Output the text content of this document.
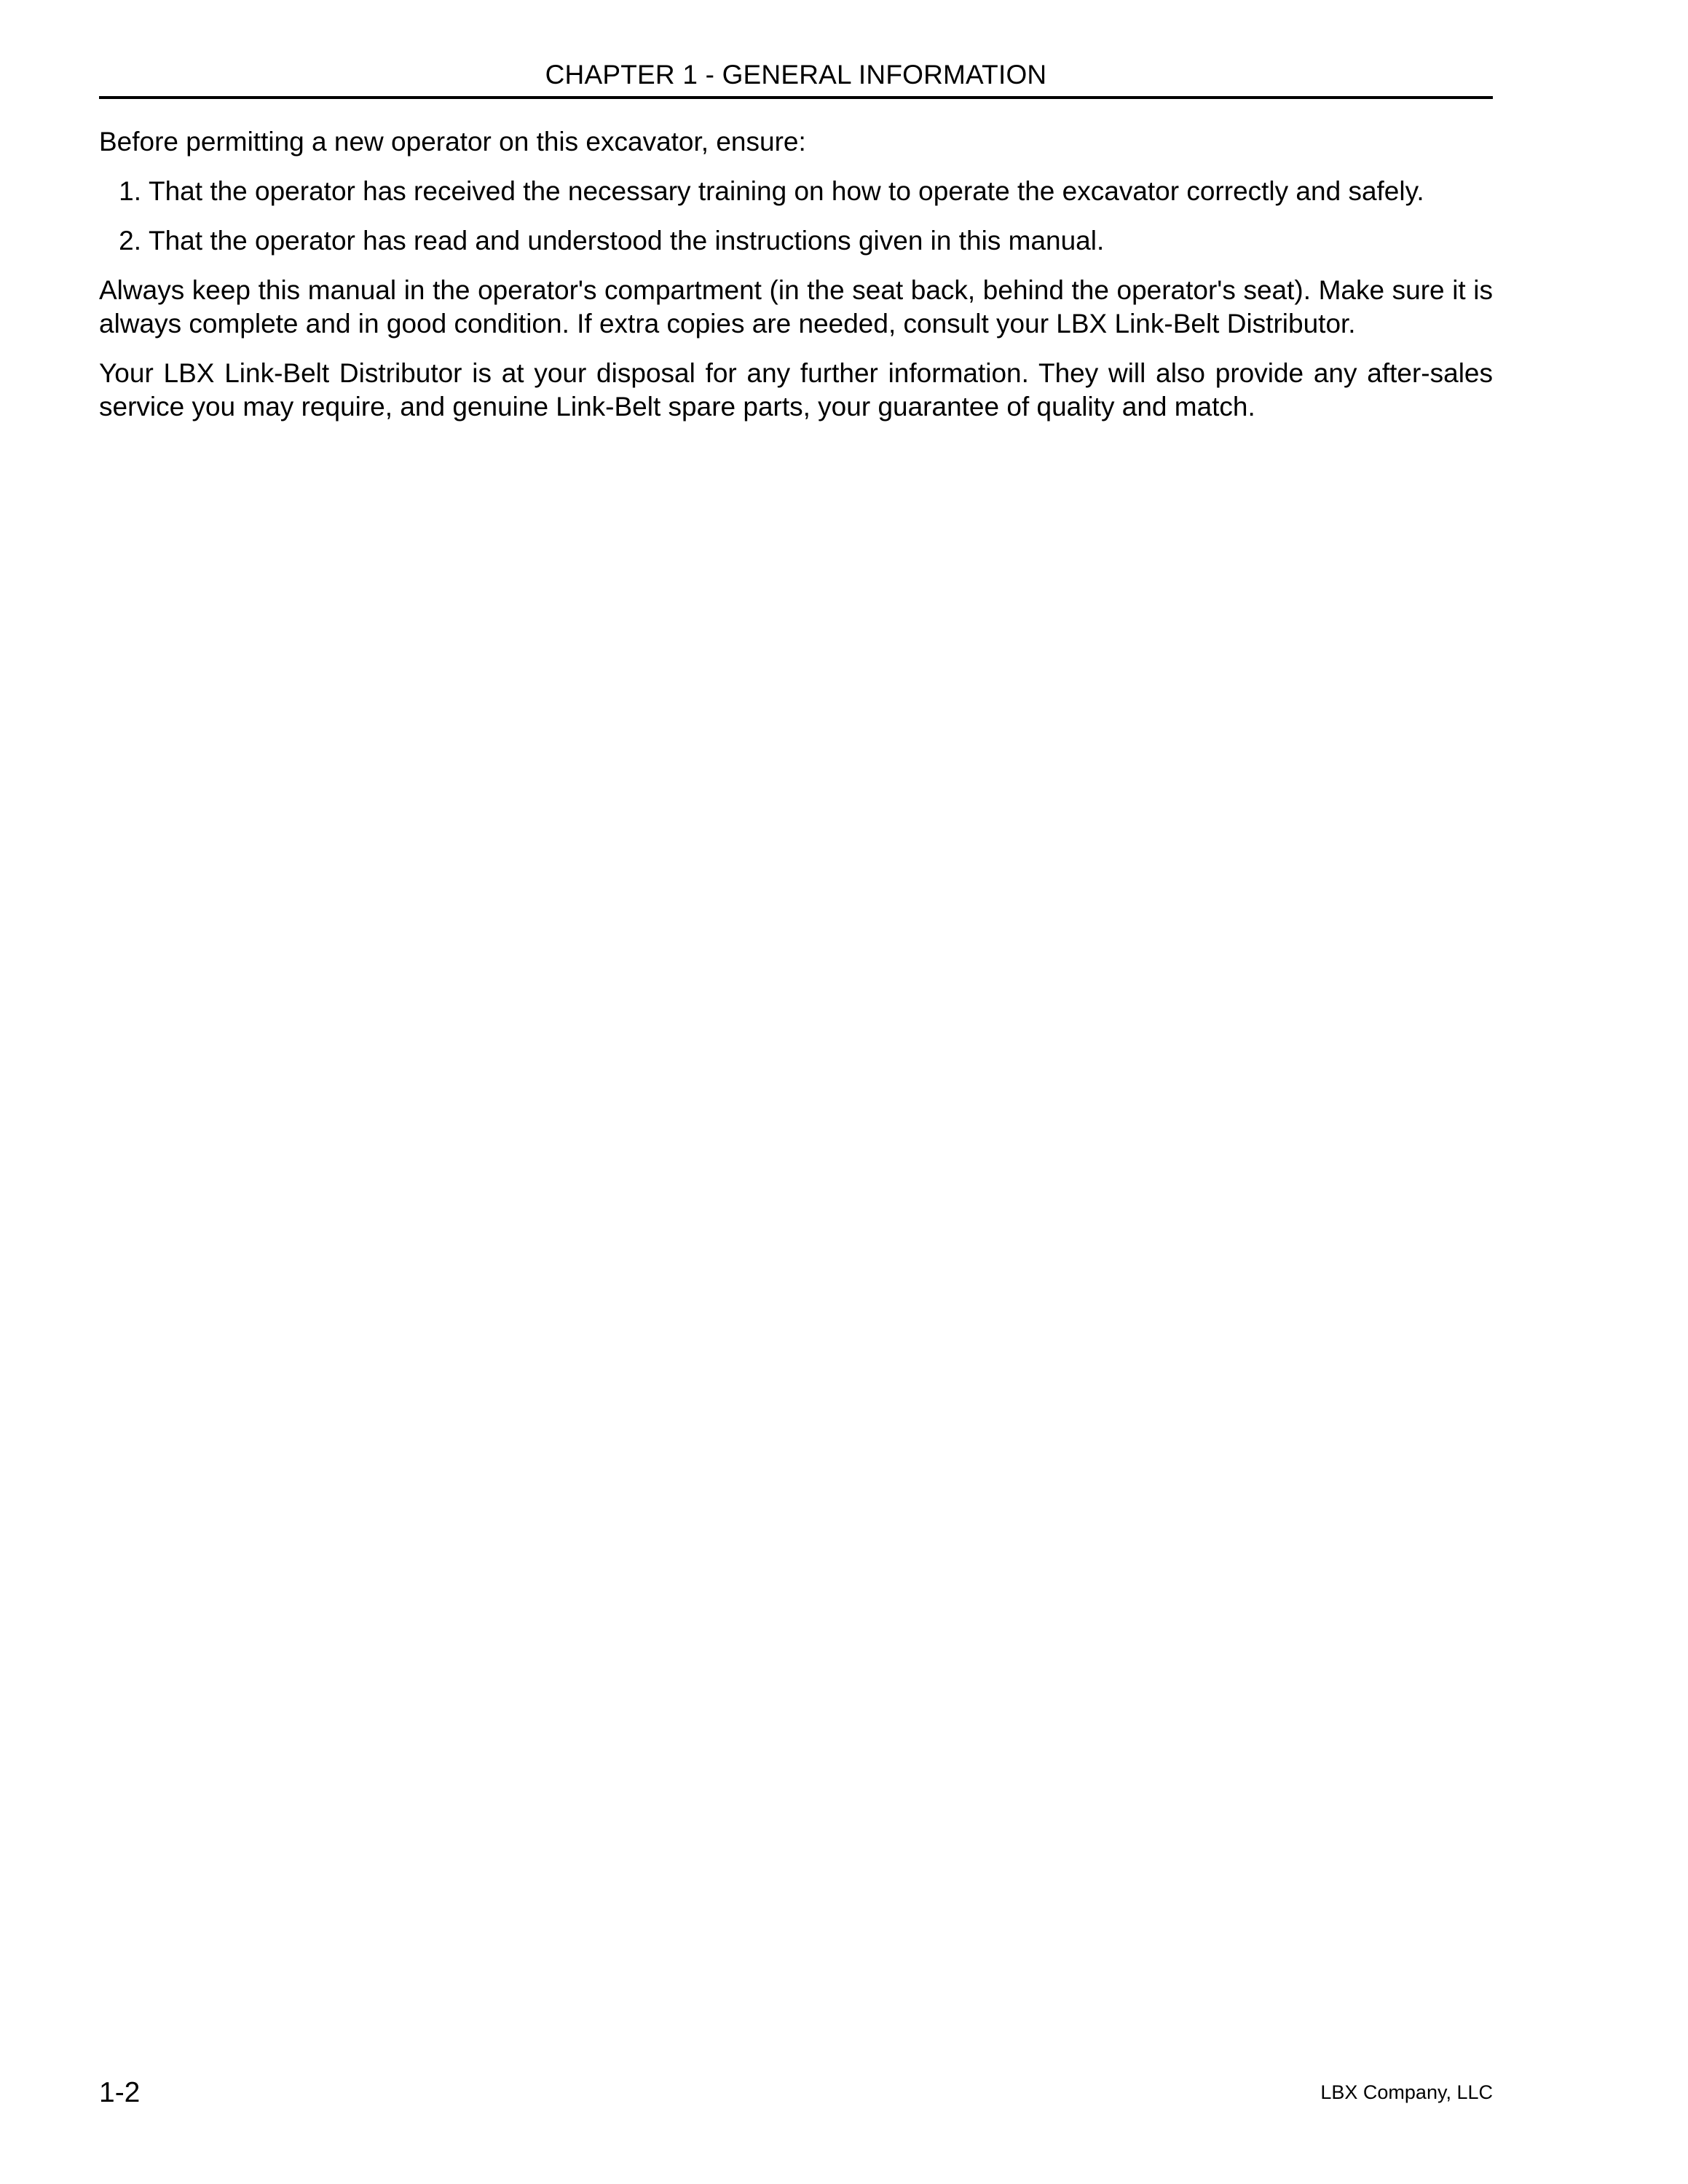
CHAPTER 1 - GENERAL INFORMATION

Before permitting a new operator on this excavator, ensure:

1. That the operator has received the necessary training on how to operate the excavator correctly and safely.
2. That the operator has read and understood the instructions given in this manual.

Always keep this manual in the operator's compartment (in the seat back, behind the operator's seat). Make sure it is always complete and in good condition. If extra copies are needed, consult your LBX Link-Belt Distributor.

Your LBX Link-Belt Distributor is at your disposal for any further information. They will also provide any after-sales service you may require, and genuine Link-Belt spare parts, your guarantee of quality and match.

1-2	LBX Company, LLC
